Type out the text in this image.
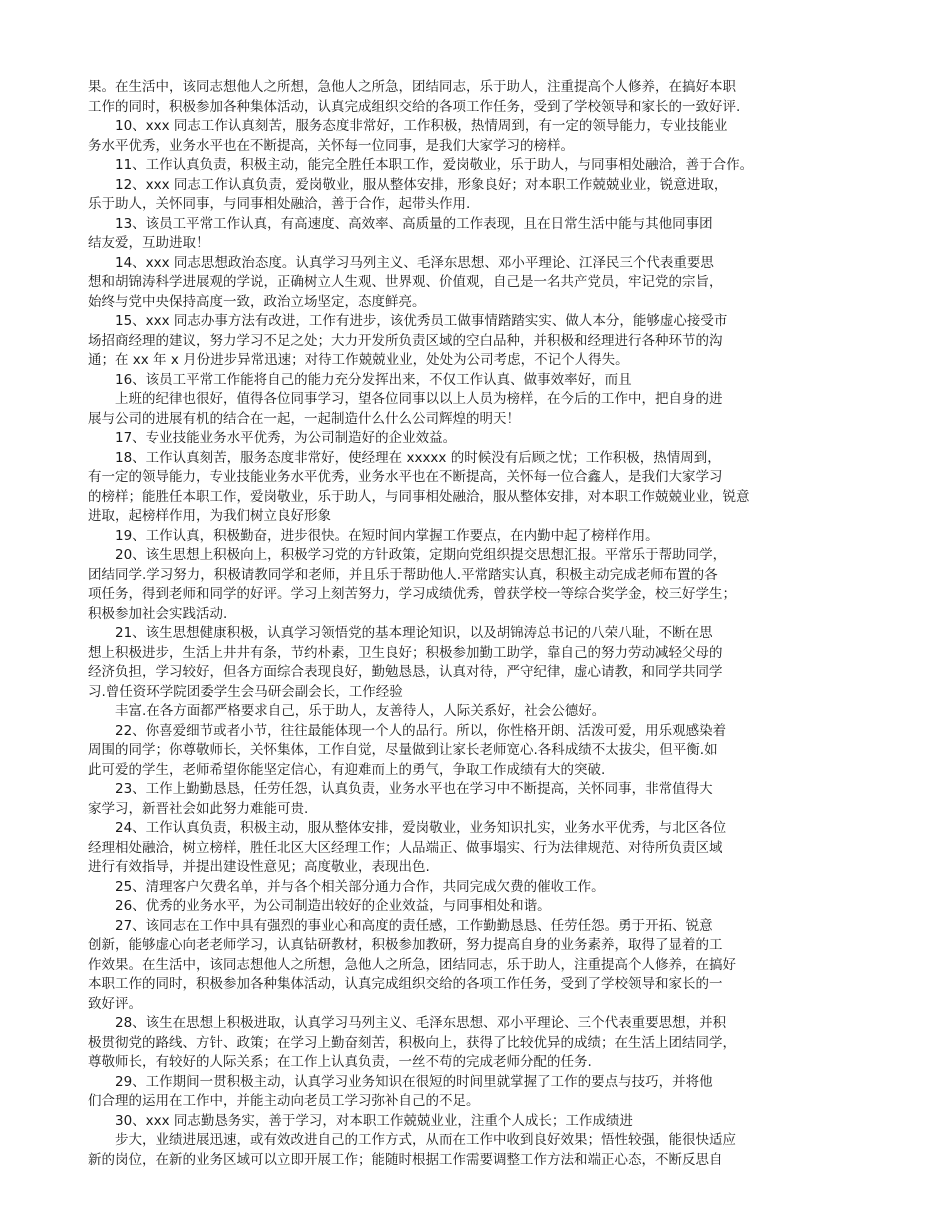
果。在生活中，该同志想他人之所想，急他人之所急，团结同志，乐于助人，注重提高个人修养，在搞好本职
工作的同时，积极参加各种集体活动，认真完成组织交给的各项工作任务，受到了学校领导和家长的一致好评.
10、xxx 同志工作认真刻苦，服务态度非常好，工作积极，热情周到，有一定的领导能力，专业技能业
务水平优秀，业务水平也在不断提高，关怀每一位同事，是我们大家学习的榜样。
11、工作认真负责，积极主动，能完全胜任本职工作，爱岗敬业，乐于助人，与同事相处融洽，善于合作。
12、xxx 同志工作认真负责，爱岗敬业，服从整体安排，形象良好；对本职工作兢兢业业，锐意进取，
乐于助人，关怀同事，与同事相处融洽，善于合作，起带头作用.
13、该员工平常工作认真，有高速度、高效率、高质量的工作表现，且在日常生活中能与其他同事团
结友爱，互助进取！
14、xxx 同志思想政治态度。认真学习马列主义、毛泽东思想、邓小平理论、江泽民三个代表重要思
想和胡锦涛科学进展观的学说，正确树立人生观、世界观、价值观，自己是一名共产党员，牢记党的宗旨，
始终与党中央保持高度一致，政治立场坚定，态度鲜亮。
15、xxx 同志办事方法有改进，工作有进步，该优秀员工做事情踏踏实实、做人本分，能够虚心接受市
场招商经理的建议，努力学习不足之处；大力开发所负责区域的空白品种，并积极和经理进行各种环节的沟
通；在 xx 年 x 月份进步异常迅速；对待工作兢兢业业，处处为公司考虑，不记个人得失。
16、该员工平常工作能将自己的能力充分发挥出来，不仅工作认真、做事效率好，而且
上班的纪律也很好，值得各位同事学习，望各位同事以以上人员为榜样，在今后的工作中，把自身的进
展与公司的进展有机的结合在一起，一起制造什么什么公司辉煌的明天！
17、专业技能业务水平优秀，为公司制造好的企业效益。
18、工作认真刻苦，服务态度非常好，使经理在 xxxxx 的时候没有后顾之忧；工作积极，热情周到，
有一定的领导能力，专业技能业务水平优秀，业务水平也在不断提高，关怀每一位合鑫人，是我们大家学习
的榜样；能胜任本职工作，爱岗敬业，乐于助人，与同事相处融洽，服从整体安排，对本职工作兢兢业业，锐意
进取，起榜样作用，为我们树立良好形象
19、工作认真，积极勤奋，进步很快。在短时间内掌握工作要点，在内勤中起了榜样作用。
20、该生思想上积极向上，积极学习党的方针政策，定期向党组织提交思想汇报。平常乐于帮助同学，
团结同学.学习努力，积极请教同学和老师，并且乐于帮助他人.平常踏实认真，积极主动完成老师布置的各
项任务，得到老师和同学的好评。学习上刻苦努力，学习成绩优秀，曾获学校一等综合奖学金，校三好学生；
积极参加社会实践活动.
21、该生思想健康积极，认真学习领悟党的基本理论知识，以及胡锦涛总书记的八荣八耻，不断在思
想上积极进步，生活上井井有条，节约朴素，卫生良好；积极参加勤工助学，靠自己的努力劳动减轻父母的
经济负担，学习较好，但各方面综合表现良好，勤勉恳恳，认真对待，严守纪律，虚心请教，和同学共同学
习.曾任资环学院团委学生会马研会副会长，工作经验
丰富.在各方面都严格要求自己，乐于助人，友善待人，人际关系好，社会公德好。
22、你喜爱细节或者小节，往往最能体现一个人的品行。所以，你性格开朗、活泼可爱，用乐观感染着
周围的同学；你尊敬师长，关怀集体，工作自觉，尽量做到让家长老师宽心.各科成绩不太拔尖，但平衡.如
此可爱的学生，老师希望你能坚定信心，有迎难而上的勇气，争取工作成绩有大的突破.
23、工作上勤勤恳恳，任劳任怨，认真负责，业务水平也在学习中不断提高，关怀同事，非常值得大
家学习，新晋社会如此努力难能可贵.
24、工作认真负责，积极主动，服从整体安排，爱岗敬业，业务知识扎实，业务水平优秀，与北区各位
经理相处融洽，树立榜样，胜任北区大区经理工作；人品端正、做事塌实、行为法律规范、对待所负责区域
进行有效指导，并提出建设性意见；高度敬业，表现出色.
25、清理客户欠费名单，并与各个相关部分通力合作，共同完成欠费的催收工作。
26、优秀的业务水平，为公司制造出较好的企业效益，与同事相处和谐。
27、该同志在工作中具有强烈的事业心和高度的责任感，工作勤勤恳恳、任劳任怨。勇于开拓、锐意
创新，能够虚心向老老师学习，认真钻研教材，积极参加教研，努力提高自身的业务素养，取得了显着的工
作效果。在生活中，该同志想他人之所想，急他人之所急，团结同志，乐于助人，注重提高个人修养，在搞好
本职工作的同时，积极参加各种集体活动，认真完成组织交给的各项工作任务，受到了学校领导和家长的一
致好评。
28、该生在思想上积极进取，认真学习马列主义、毛泽东思想、邓小平理论、三个代表重要思想，并积
极贯彻党的路线、方针、政策；在学习上勤奋刻苦，积极向上，获得了比较优异的成绩；在生活上团结同学，
尊敬师长，有较好的人际关系；在工作上认真负责，一丝不苟的完成老师分配的任务.
29、工作期间一贯积极主动，认真学习业务知识在很短的时间里就掌握了工作的要点与技巧，并将他
们合理的运用在工作中，并能主动向老员工学习弥补自己的不足。
30、xxx 同志勤恳务实，善于学习，对本职工作兢兢业业，注重个人成长；工作成绩进
步大，业绩进展迅速，或有效改进自己的工作方式，从而在工作中收到良好效果；悟性较强，能很快适应
新的岗位，在新的业务区域可以立即开展工作；能随时根据工作需要调整工作方法和端正心态，不断反思自
